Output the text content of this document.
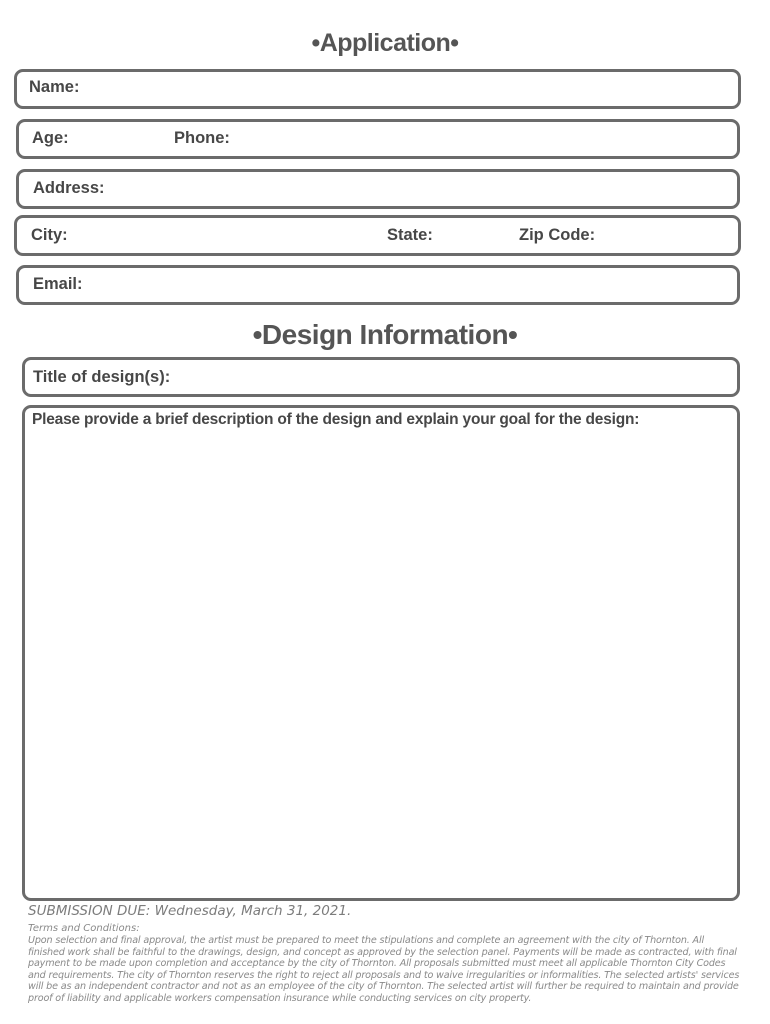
•Application•
Name:
Age:	Phone:
Address:
City:	State:	Zip Code:
Email:
•Design Information•
Title of design(s):
Please provide a brief description of the design and explain your goal for the design:
SUBMISSION DUE: Wednesday, March 31, 2021.
Terms and Conditions:
Upon selection and final approval, the artist must be prepared to meet the stipulations and complete an agreement with the city of Thornton. All finished work shall be faithful to the drawings, design, and concept as approved by the selection panel. Payments will be made as contracted, with final payment to be made upon completion and acceptance by the city of Thornton. All proposals submitted must meet all applicable Thornton City Codes and requirements. The city of Thornton reserves the right to reject all proposals and to waive irregularities or informalities. The selected artists' services will be as an independent contractor and not as an employee of the city of Thornton. The selected artist will further be required to maintain and provide proof of liability and applicable workers compensation insurance while conducting services on city property.
